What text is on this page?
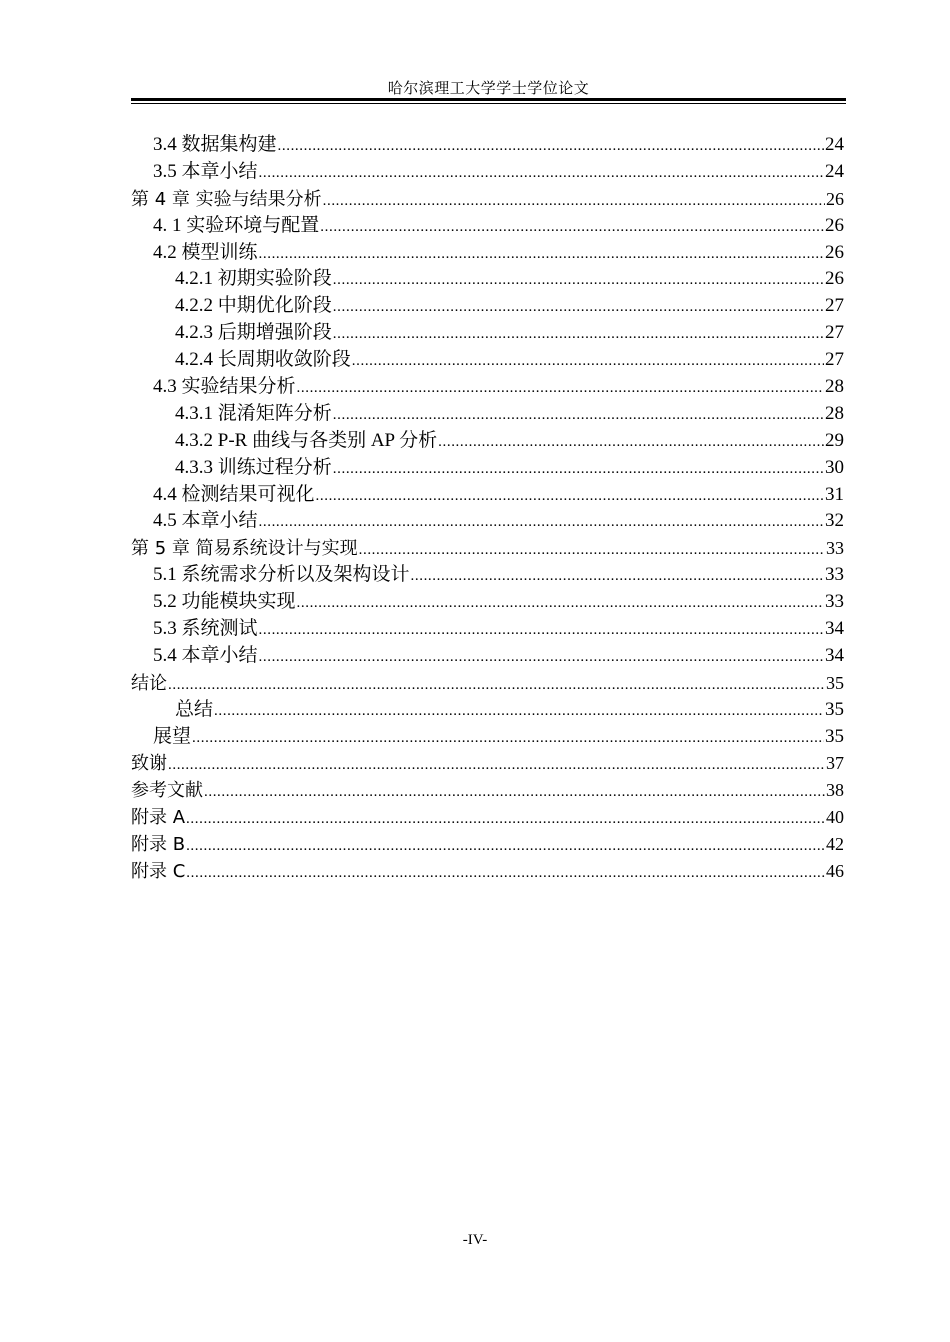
哈尔滨理工大学学士学位论文
3.4 数据集构建 .....	24
3.5 本章小结 .....	24
第 4 章 实验与结果分析 .....	26
4. 1 实验环境与配置 .....	26
4.2 模型训练 .....	26
4.2.1 初期实验阶段 .....	26
4.2.2 中期优化阶段 .....	27
4.2.3 后期增强阶段 .....	27
4.2.4 长周期收敛阶段 .....	27
4.3 实验结果分析 .....	28
4.3.1 混淆矩阵分析 .....	28
4.3.2 P-R 曲线与各类别 AP 分析 .....	29
4.3.3 训练过程分析 .....	30
4.4 检测结果可视化 .....	31
4.5 本章小结 .....	32
第 5 章 简易系统设计与实现 .....	33
5.1 系统需求分析以及架构设计 .....	33
5.2 功能模块实现 .....	33
5.3 系统测试 .....	34
5.4 本章小结 .....	34
结论 .....	35
总结 .....	35
展望 .....	35
致谢 .....	37
参考文献 .....	38
附录 A .....	40
附录 B .....	42
附录 C .....	46
-IV-
